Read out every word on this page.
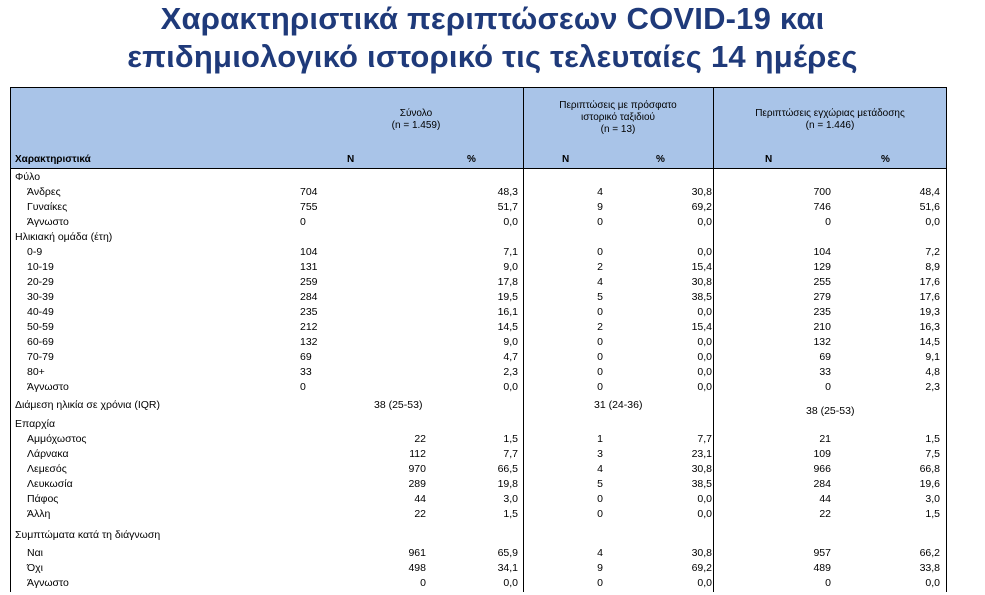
Χαρακτηριστικά περιπτώσεων COVID-19 και
επιδημιολογικό ιστορικό τις τελευταίες 14 ημέρες
Σύνολο
(n = 1.459)
Περιπτώσεις με πρόσφατο
ιστορικό ταξιδιού
(n = 13)
Περιπτώσεις εγχώριας μετάδοσης
(n = 1.446)
Χαρακτηριστικά	N	%	N	%	N	%
Φύλο
Άνδρες	704	48,3	4	30,8	700	48,4
Γυναίκες	755	51,7	9	69,2	746	51,6
Άγνωστο	0	0,0	0	0,0	0	0,0
Ηλικιακή ομάδα (έτη)
0-9	104	7,1	0	0,0	104	7,2
10-19	131	9,0	2	15,4	129	8,9
20-29	259	17,8	4	30,8	255	17,6
30-39	284	19,5	5	38,5	279	17,6
40-49	235	16,1	0	0,0	235	19,3
50-59	212	14,5	2	15,4	210	16,3
60-69	132	9,0	0	0,0	132	14,5
70-79	69	4,7	0	0,0	69	9,1
80+	33	2,3	0	0,0	33	4,8
Άγνωστο	0	0,0	0	0,0	0	2,3
Διάμεση ηλικία σε χρόνια (IQR)	38 (25-53)	31 (24-36)	38 (25-53)
Επαρχία
Αμμόχωστος	22	1,5	1	7,7	21	1,5
Λάρνακα	112	7,7	3	23,1	109	7,5
Λεμεσός	970	66,5	4	30,8	966	66,8
Λευκωσία	289	19,8	5	38,5	284	19,6
Πάφος	44	3,0	0	0,0	44	3,0
Άλλη	22	1,5	0	0,0	22	1,5
Συμπτώματα κατά τη διάγνωση
Ναι	961	65,9	4	30,8	957	66,2
Όχι	498	34,1	9	69,2	489	33,8
Άγνωστο	0	0,0	0	0,0	0	0,0
